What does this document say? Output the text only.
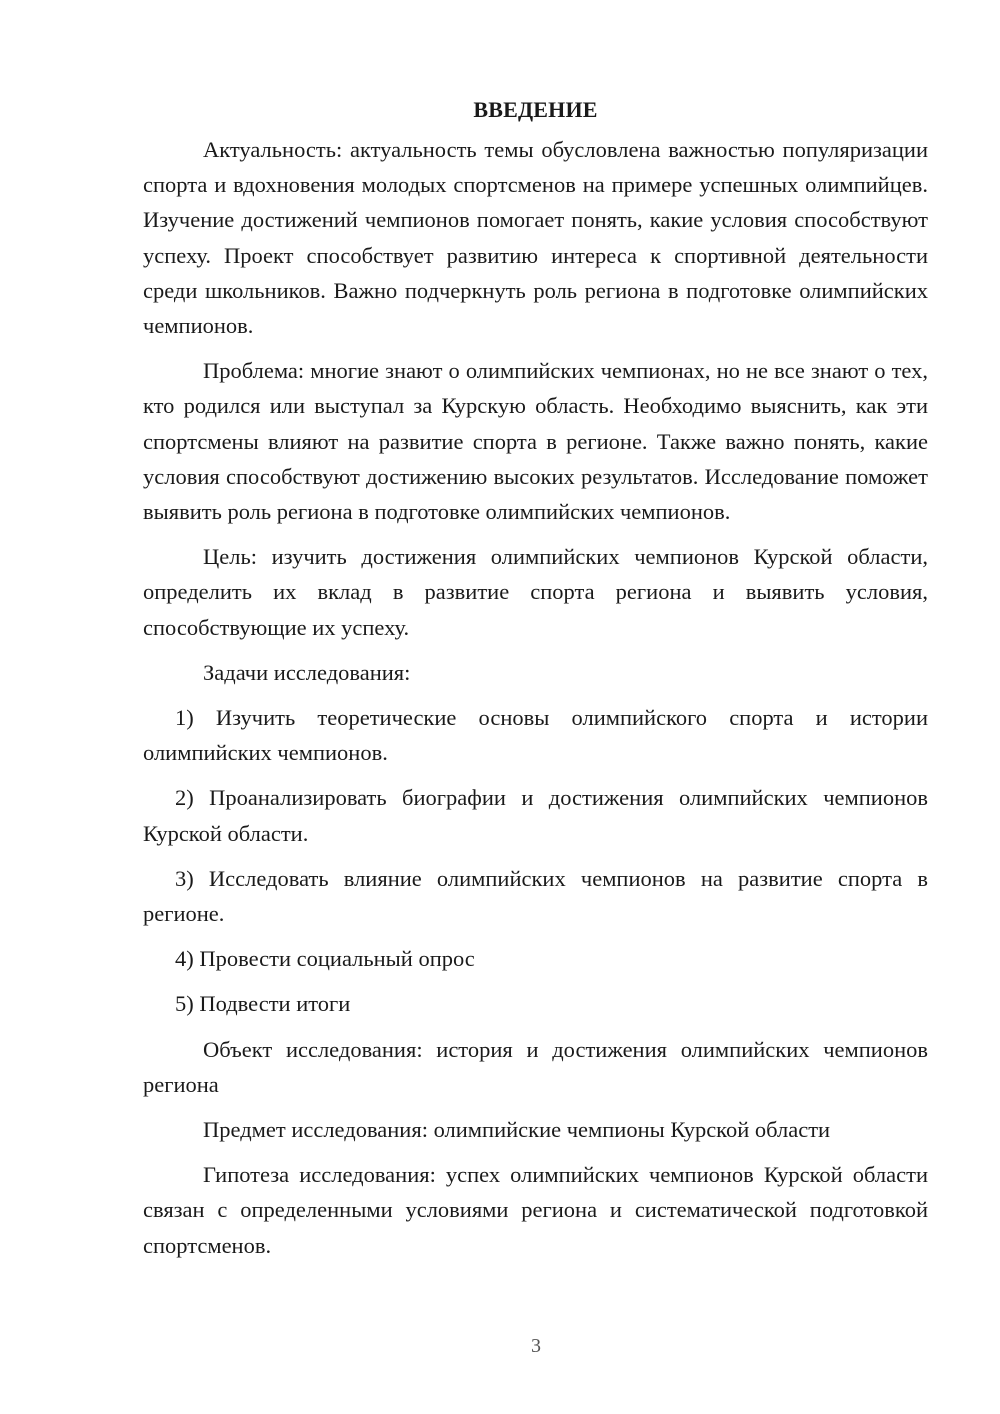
ВВЕДЕНИЕ

Актуальность: актуальность темы обусловлена важностью популяризации спорта и вдохновения молодых спортсменов на примере успешных олимпийцев. Изучение достижений чемпионов помогает понять, какие условия способствуют успеху. Проект способствует развитию интереса к спортивной деятельности среди школьников. Важно подчеркнуть роль региона в подготовке олимпийских чемпионов.

Проблема: многие знают о олимпийских чемпионах, но не все знают о тех, кто родился или выступал за Курскую область. Необходимо выяснить, как эти спортсмены влияют на развитие спорта в регионе. Также важно понять, какие условия способствуют достижению высоких результатов. Исследование поможет выявить роль региона в подготовке олимпийских чемпионов.

Цель: изучить достижения олимпийских чемпионов Курской области, определить их вклад в развитие спорта региона и выявить условия, способствующие их успеху.

Задачи исследования:

1) Изучить теоретические основы олимпийского спорта и истории олимпийских чемпионов.

2) Проанализировать биографии и достижения олимпийских чемпионов Курской области.

3) Исследовать влияние олимпийских чемпионов на развитие спорта в регионе.

4) Провести социальный опрос

5) Подвести итоги

Объект исследования: история и достижения олимпийских чемпионов региона

Предмет исследования: олимпийские чемпионы Курской области

Гипотеза исследования: успех олимпийских чемпионов Курской области связан с определенными условиями региона и систематической подготовкой спортсменов.

3
